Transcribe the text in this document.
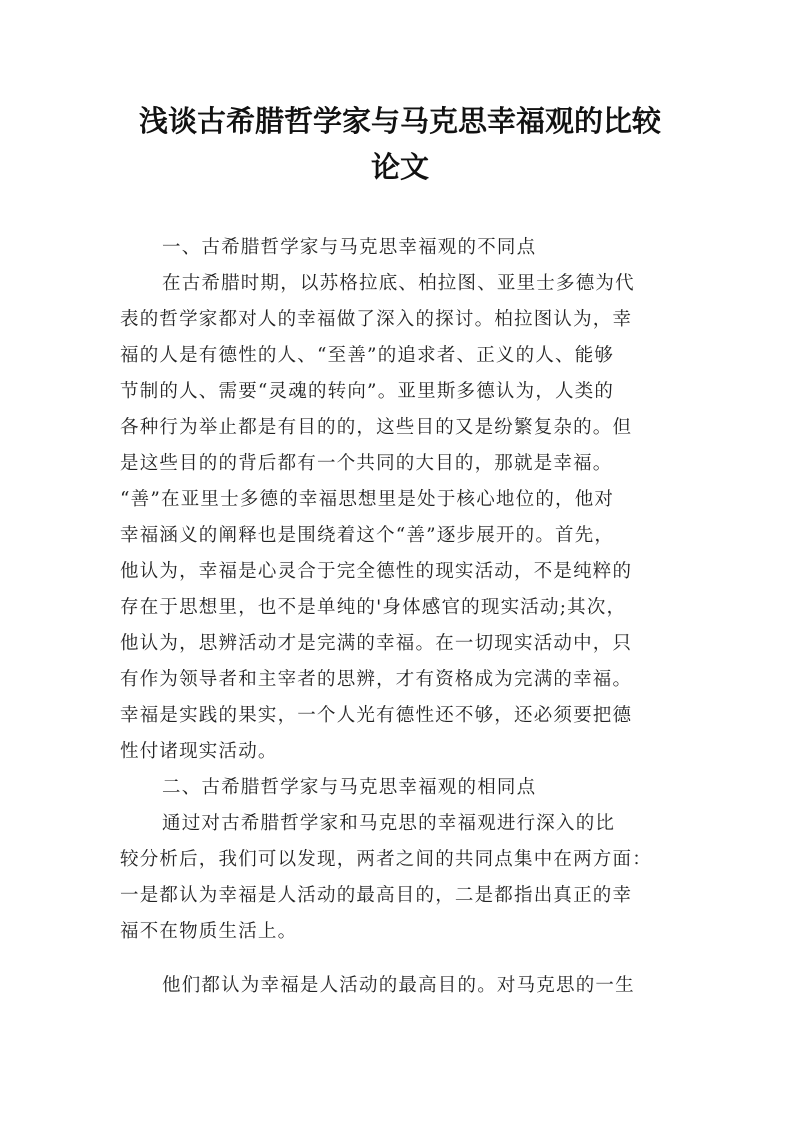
浅谈古希腊哲学家与马克思幸福观的比较
论文

一、古希腊哲学家与马克思幸福观的不同点

在古希腊时期，以苏格拉底、柏拉图、亚里士多德为代

表的哲学家都对人的幸福做了深入的探讨。柏拉图认为，幸

福的人是有德性的人、“至善”的追求者、正义的人、能够

节制的人、需要“灵魂的转向”。亚里斯多德认为，人类的

各种行为举止都是有目的的，这些目的又是纷繁复杂的。但

是这些目的的背后都有一个共同的大目的，那就是幸福。

“善”在亚里士多德的幸福思想里是处于核心地位的，他对

幸福涵义的阐释也是围绕着这个“善”逐步展开的。首先，

他认为，幸福是心灵合于完全德性的现实活动，不是纯粹的

存在于思想里，也不是单纯的'身体感官的现实活动;其次，

他认为，思辨活动才是完满的幸福。在一切现实活动中，只

有作为领导者和主宰者的思辨，才有资格成为完满的幸福。

幸福是实践的果实，一个人光有德性还不够，还必须要把德

性付诸现实活动。

二、古希腊哲学家与马克思幸福观的相同点

通过对古希腊哲学家和马克思的幸福观进行深入的比

较分析后，我们可以发现，两者之间的共同点集中在两方面：

一是都认为幸福是人活动的最高目的，二是都指出真正的幸

福不在物质生活上。

他们都认为幸福是人活动的最高目的。对马克思的一生
